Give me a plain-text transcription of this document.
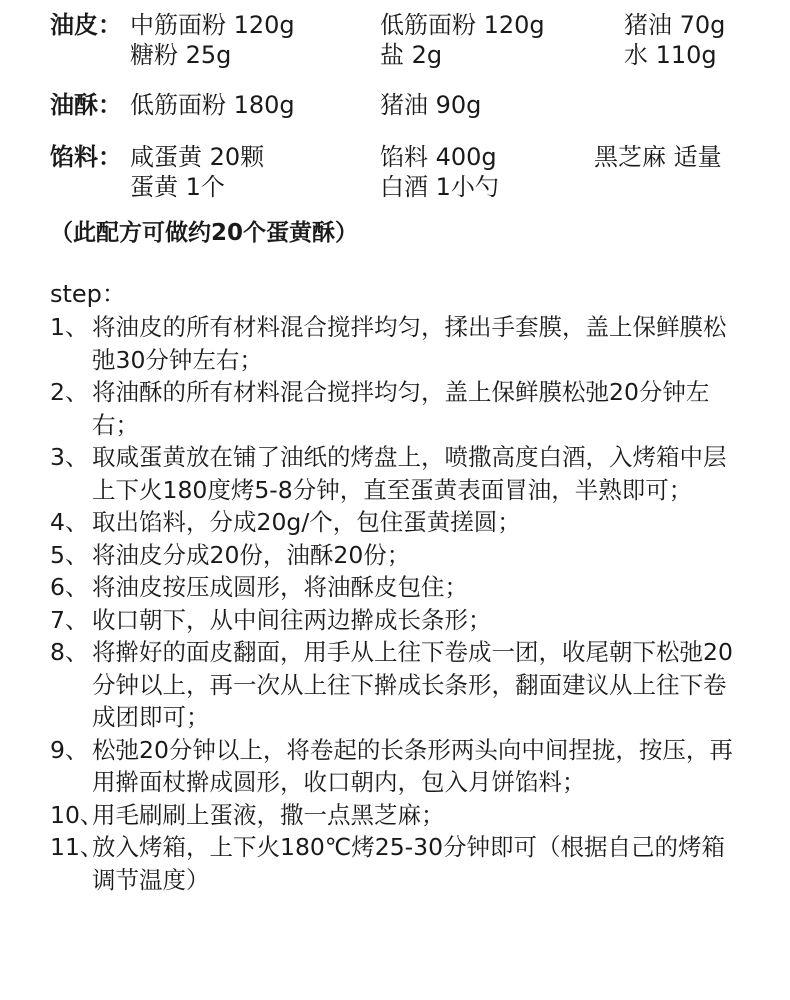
油皮： 中筋面粉 120g
糖粉 25g
低筋面粉 120g
盐 2g
猪油 70g
水 110g
油酥： 低筋面粉 180g	猪油 90g
馅料： 咸蛋黄 20颗
蛋黄 1个
馅料 400g
白酒 1小勺
黑芝麻 适量
（此配方可做约20个蛋黄酥）
step：
1、 将油皮的所有材料混合搅拌均匀，揉出手套膜，盖上保鲜膜松弛30分钟左右；
2、 将油酥的所有材料混合搅拌均匀，盖上保鲜膜松弛20分钟左右；
3、 取咸蛋黄放在铺了油纸的烤盘上，喷撒高度白酒，入烤箱中层上下火180度烤5-8分钟，直至蛋黄表面冒油，半熟即可；
4、 取出馅料，分成20g/个，包住蛋黄搓圆；
5、 将油皮分成20份，油酥20份；
6、 将油皮按压成圆形，将油酥皮包住；
7、 收口朝下，从中间往两边擀成长条形；
8、 将擀好的面皮翻面，用手从上往下卷成一团，收尾朝下松弛20分钟以上，再一次从上往下擀成长条形，翻面建议从上往下卷成团即可；
9、 松弛20分钟以上，将卷起的长条形两头向中间捏拢，按压，再用擀面杖擀成圆形，收口朝内，包入月饼馅料；
10、
用毛刷刷上蛋液，撒一点黑芝麻；
11、
放入烤箱，上下火180℃烤25-30分钟即可（根据自己的烤箱调节温度）
